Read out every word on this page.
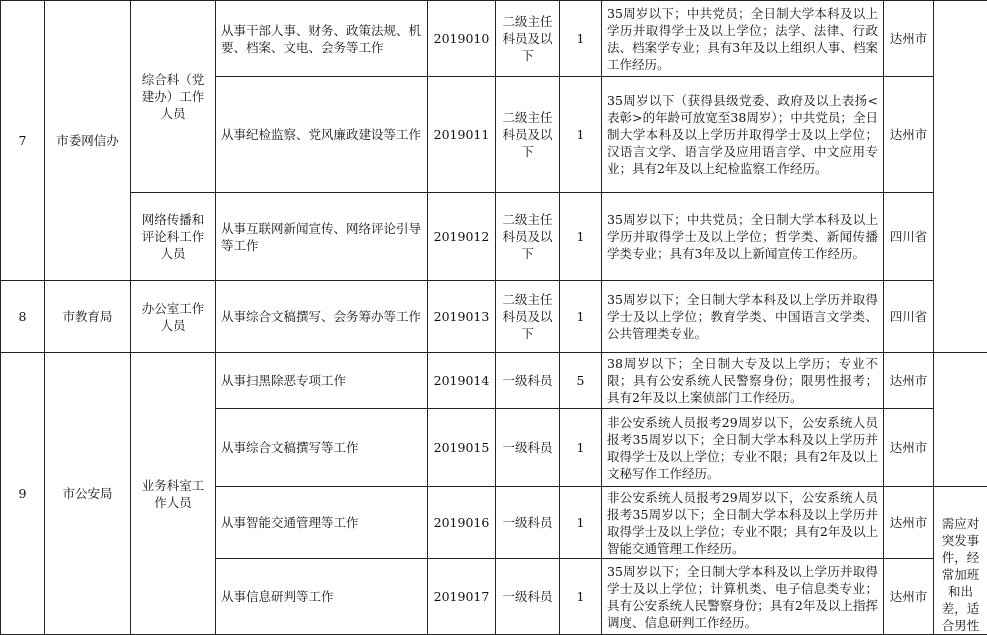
7	市委网信办	综合科（党建办）工作人员	从事干部人事、财务、政策法规、机要、档案、文电、会务等工作	2019010	二级主任科员及以下	1	35周岁以下；中共党员；全日制大学本科及以上学历并取得学士及以上学位；法学、法律、行政法、档案学专业；具有3年及以上组织人事、档案工作经历。	达州市	
			从事纪检监察、党风廉政建设等工作	2019011	二级主任科员及以下	1	35周岁以下（获得县级党委、政府及以上表扬<表彰>的年龄可放宽至38周岁）；中共党员；全日制大学本科及以上学历并取得学士及以上学位；汉语言文学、语言学及应用语言学、中文应用专业；具有2年及以上纪检监察工作经历。	达州市	
		网络传播和评论科工作人员	从事互联网新闻宣传、网络评论引导等工作	2019012	二级主任科员及以下	1	35周岁以下；中共党员；全日制大学本科及以上学历并取得学士及以上学位；哲学类、新闻传播学类专业；具有3年及以上新闻宣传工作经历。	四川省	
8	市教育局	办公室工作人员	从事综合文稿撰写、会务筹办等工作	2019013	二级主任科员及以下	1	35周岁以下；全日制大学本科及以上学历并取得学士及以上学位；教育学类、中国语言文学类、公共管理类专业。	四川省	
9	市公安局	业务科室工作人员	从事扫黑除恶专项工作	2019014	一级科员	5	38周岁以下；全日制大专及以上学历；专业不限；具有公安系统人民警察身份；限男性报考；具有2年及以上案侦部门工作经历。	达州市	
			从事综合文稿撰写等工作	2019015	一级科员	1	非公安系统人员报考29周岁以下，公安系统人员报考35周岁以下；全日制大学本科及以上学历并取得学士及以上学位；专业不限；具有2年及以上文秘写作工作经历。	达州市	
			从事智能交通管理等工作	2019016	一级科员	1	非公安系统人员报考29周岁以下，公安系统人员报考35周岁以下；全日制大学本科及以上学历并取得学士及以上学位；专业不限；具有2年及以上智能交通管理工作经历。	达州市	需应对突发事件，经常加班和出差，适合男性
			从事信息研判等工作	2019017	一级科员	1	35周岁以下；全日制大学本科及以上学历并取得学士及以上学位；计算机类、电子信息类专业；具有公安系统人民警察身份；具有2年及以上指挥调度、信息研判工作经历。	达州市	
